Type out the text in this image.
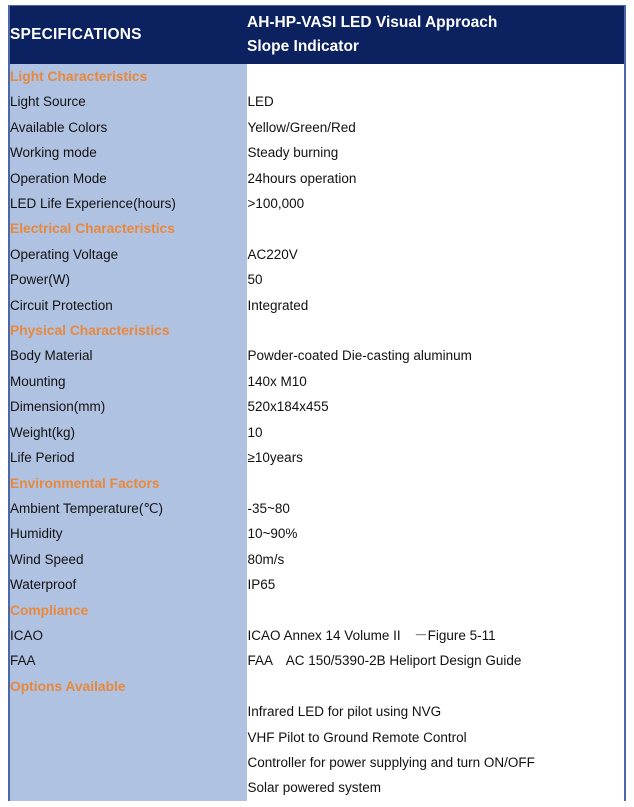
SPECIFICATIONS	AH-HP-VASI LED Visual Approach
Slope Indicator

Light Characteristics	
Light Source	LED
Available Colors	Yellow/Green/Red
Working mode	Steady burning
Operation Mode	24hours operation
LED Life Experience(hours)	>100,000
Electrical Characteristics	
Operating Voltage	AC220V
Power(W)	50
Circuit Protection	Integrated
Physical Characteristics	
Body Material	Powder-coated Die-casting aluminum
Mounting	140x M10
Dimension(mm)	520x184x455
Weight(kg)	10
Life Period	≥10years
Environmental Factors	
Ambient Temperature(℃)	-35~80
Humidity	10~90%
Wind Speed	80m/s
Waterproof	IP65
Compliance	
ICAO	ICAO Annex 14 Volume II　－Figure 5-11
FAA	FAA　AC 150/5390-2B Heliport Design Guide
Options Available	
	Infrared LED for pilot using NVG
	VHF Pilot to Ground Remote Control
	Controller for power supplying and turn ON/OFF
	Solar powered system
